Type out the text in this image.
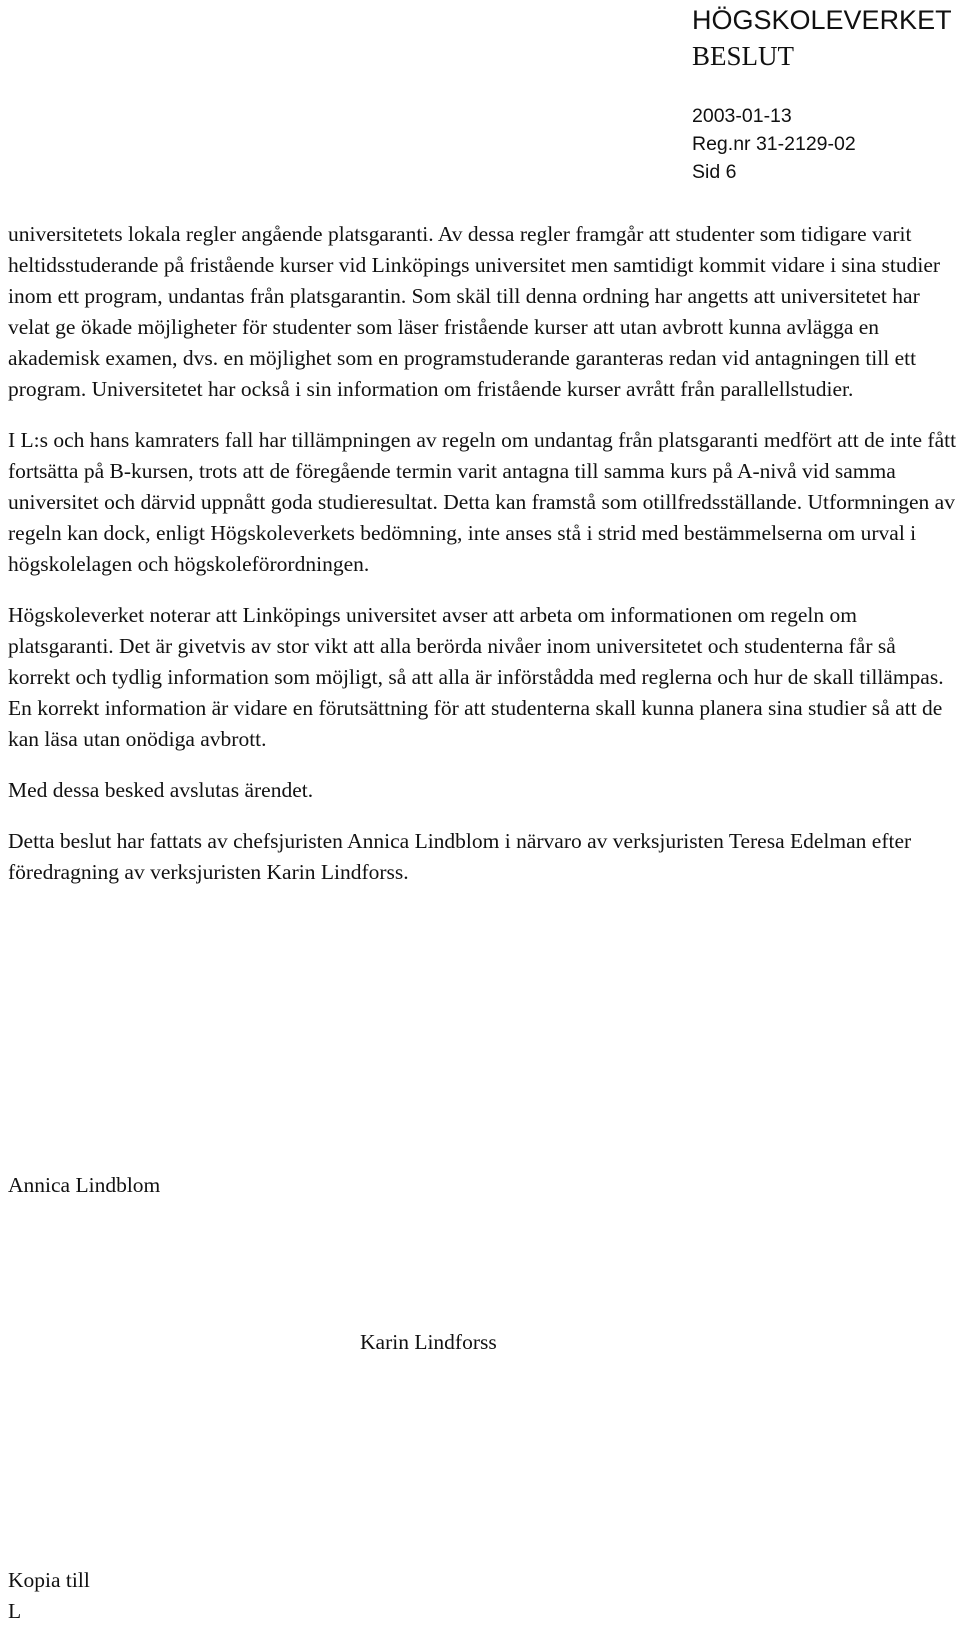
HÖGSKOLEVERKET
BESLUT
2003-01-13
Reg.nr 31-2129-02
Sid 6

universitetets lokala regler angående platsgaranti. Av dessa regler framgår att studenter som tidigare varit heltidsstuderande på fristående kurser vid Linköpings universitet men samtidigt kommit vidare i sina studier inom ett program, undantas från platsgarantin. Som skäl till denna ordning har angetts att universitetet har velat ge ökade möjligheter för studenter som läser fristående kurser att utan avbrott kunna avlägga en akademisk examen, dvs. en möjlighet som en programstuderande garanteras redan vid antagningen till ett program. Universitetet har också i sin information om fristående kurser avrått från parallellstudier.

I L:s och hans kamraters fall har tillämpningen av regeln om undantag från platsgaranti medfört att de inte fått fortsätta på B-kursen, trots att de föregående termin varit antagna till samma kurs på A-nivå vid samma universitet och därvid uppnått goda studieresultat. Detta kan framstå som otillfredsställande. Utformningen av regeln kan dock, enligt Högskoleverkets bedömning, inte anses stå i strid med bestämmelserna om urval i högskolelagen och högskoleförordningen.

Högskoleverket noterar att Linköpings universitet avser att arbeta om informationen om regeln om platsgaranti. Det är givetvis av stor vikt att alla berörda nivåer inom universitetet och studenterna får så korrekt och tydlig information som möjligt, så att alla är införstådda med reglerna och hur de skall tillämpas. En korrekt information är vidare en förutsättning för att studenterna skall kunna planera sina studier så att de kan läsa utan onödiga avbrott.

Med dessa besked avslutas ärendet.

Detta beslut har fattats av chefsjuristen Annica Lindblom i närvaro av verksjuristen Teresa Edelman efter föredragning av verksjuristen Karin Lindforss.

Annica Lindblom
Karin Lindforss
Kopia till
L
